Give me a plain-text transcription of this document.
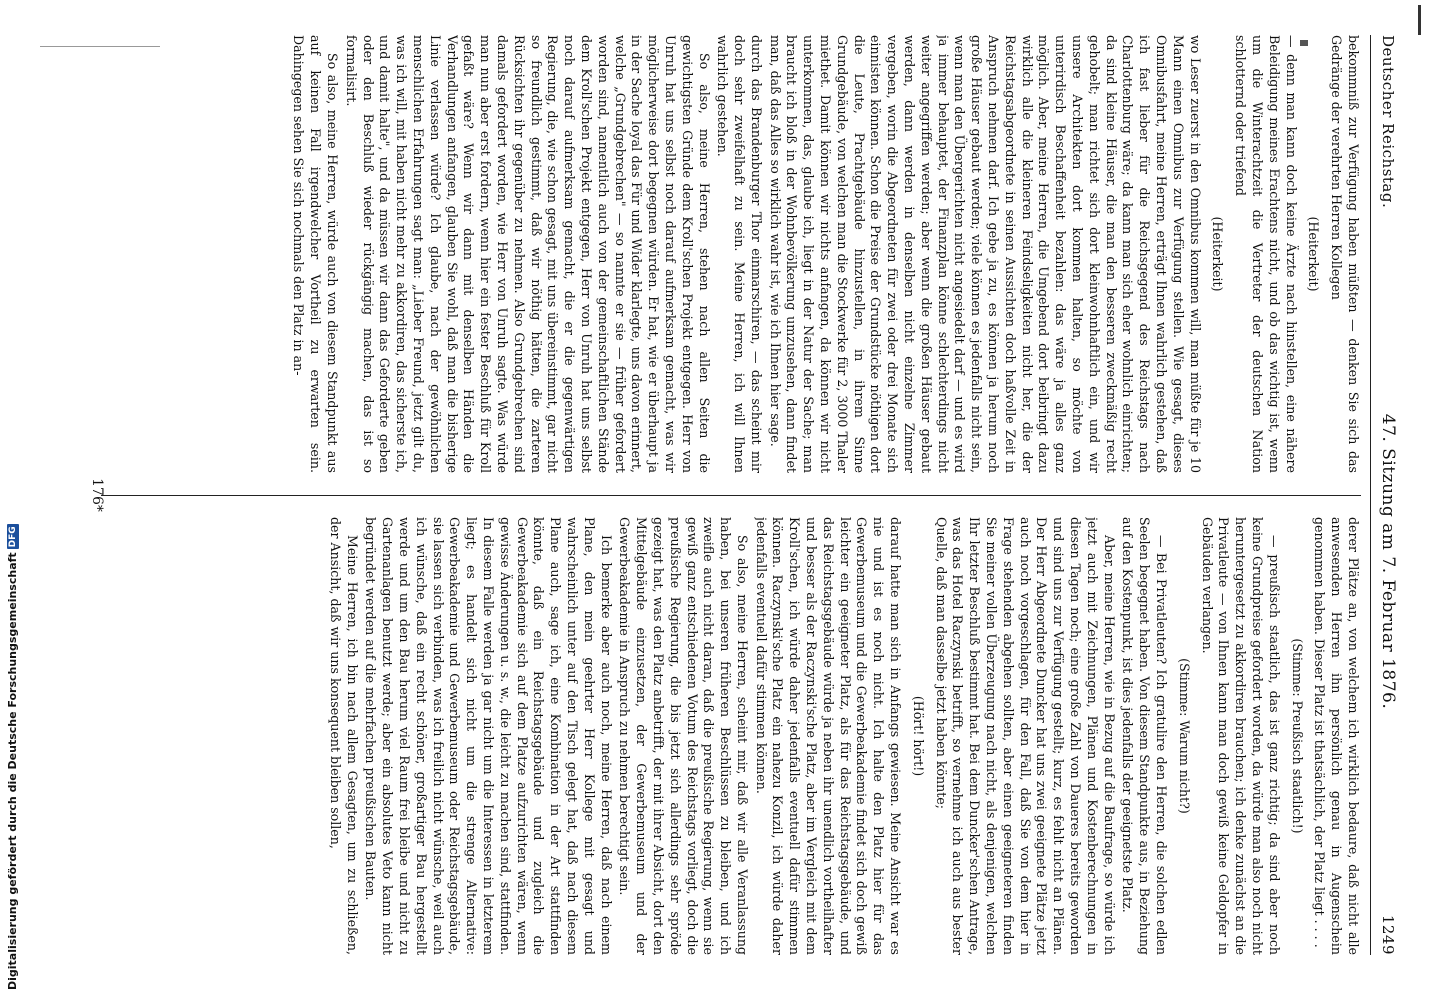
Deutscher Reichstag.
47. Sitzung am 7. Februar 1876.
1249

bekommniß zur Verfügung haben müßten — denken Sie sich das Gedränge der verehrten Herren Kollegen

(Heiterkeit)

— denn man kann doch keine Ärzte nach hinstellen, eine nähere Beleidigung meines Erachtens nicht, und ob das wichtig ist, wenn um die Winterachtzeit die Vertreter der deutschen Nation schlotternd oder triefend

(Heiterkeit)

wo Leser zuerst in den Omnibus kommen will, man müßte für je 10 Mann einen Omnibus zur Verfügung stellen. Wie gesagt, dieses Omnibusfahrt, meine Herren, erträgt Ihnen wahrlich gestehen, daß ich fast lieber für die Reichsgegend des Reichstags nach Charlottenburg wäre; da kann man sich eher wohnlich einrichten; da sind kleine Häuser, die man den besseren zweckmäßig recht gehobelt; man richtet sich dort kleinwohnhaftlich ein, und wir unsere Architekten dort kommen halten, so möchte von unterirdisch Beschaffenheit bezahlen: das wäre ja alles ganz möglich. Aber, meine Herren, die Umgebend dort beibringt dazu wirklich alle die kleineren Feindseligkeiten nicht her, die der Reichstagsabgeordnete in seinen Aussichten doch haßvolle Zeit in Anspruch nehmen darf. Ich gebe ja zu, es können ja herum noch große Häuser gebaut werden; viele können es jedenfalls nicht sein, wenn man den Übergerichten nicht angesiedelt darf — und es wird ja immer behauptet, der Finanzplan könne schlechterdings nicht weiter angegriffen werden; aber wenn die großen Häuser gebaut werden, dann werden in denselben nicht einzelne Zimmer vergeben, worin die Abgeordneten für zwei oder drei Monate sich einnisten können. Schon die Preise der Grundstücke nöthigen dort die Leute, Prachtgebäude hinzustellen, in ihrem Sinne Grundgebäude, von welchen man die Stockwerke für 2, 3000 Thaler miethet. Damit können wir nichts anfangen, da können wir nicht unterkommen, das, glaube ich, liegt in der Natur der Sache; man braucht ich bloß in der Wohnbevölkerung umzusehen, dann findet man, daß das Alles so wirklich wahr ist, wie ich Ihnen hier sage.

durch das Brandenburger Thor einmarschiren, — das scheint mir doch sehr zweifelhaft zu sein. Meine Herren, ich will Ihnen wahrlich gestehen.

So also, meine Herren, stehen nach allen Seiten die gewichtigsten Gründe dem Kroll'schen Projekt entgegen. Herr von Unruh hat uns selbst noch darauf aufmerksam gemacht, was wir möglicherweise dort begegnen würden. Er hat, wie er überhaupt ja in der Sache loyal das Für und Wider klarlegte, uns davon erinnert, welche „Grundgebrechen" — so nannte er sie — früher gefordert worden sind, namentlich auch von der gemeinschaftlichen Stände dem Kroll'schen Projekt entgegen, Herr von Unruh hat uns selbst noch darauf aufmerksam gemacht, die er die gegenwärtigen Regierung, die, wie schon gesagt, mit uns übereinstimmt, gar nicht so freundlich gestimmt, daß wir nöthig hätten, die zarteren Rücksichten ihr gegenüber zu nehmen. Also Grundgebrechen sind damals gefordert worden, wie Herr von Unruh sagte. Was würde man nun aber erst fordern, wenn hier ein fester Beschluß für Kroll gefaßt wäre? Wenn wir dann mit denselben Händen die Verhandlungen anfangen, glauben Sie wohl, daß man die bisherige Linie verlassen würde? Ich glaube, nach der gewöhnlichen menschlichen Erfahrungen sagt man: „Lieber Freund, jetzt gilt du, was ich will, mit haben nicht mehr zu akkordiren, das sicherste ich, und damit halte", und da müssen wir dann das Geforderte geben oder den Beschluß wieder rückgängig machen, das ist so formalisirt.

So also, meine Herren, würde auch von diesem Standpunkt aus auf keinen Fall irgendwelcher Vortheil zu erwarten sein. Dahingegen sehen Sie sich nochmals den Platz in an-

derer Plätze an, von welchem ich wirklich bedaure, daß nicht alle anwesenden Herren ihn persönlich genau in Augenschein genommen haben. Dieser Platz ist thatsächlich, der Platz liegt . . . .

(Stimme: Preußisch staatlich!)

— preußisch staatlich, das ist ganz richtig; da sind aber noch keine Grundpreise gefordert worden, da würde man also noch nicht heruntergesetzt zu akkordiren brauchen; ich denke zunächst an die Privatleute — von Ihnen kann man doch gewiß keine Geldopfer in Gebäuden verlangen.

(Stimme: Warum nicht?)

— Bei Privatleuten? Ich gratulire den Herren, die solchen edlen Seelen begegnet haben. Von diesem Standpunkte aus, in Beziehung auf den Kostenpunkt, ist dies jedenfalls der geeignetste Platz.

Aber, meine Herren, wie in Bezug auf die Baufrage, so würde ich jetzt auch mit Zeichnungen, Plänen und Kostenberechnungen in diesen Tagen noch; eine große Zahl von Daueres bereits geworden und sind uns zur Verfügung gestellt; kurz, es fehlt nicht an Plänen. Der Herr Abgeordnete Duncker hat uns zwei geeignete Plätze jetzt auch noch vorgeschlagen, für den Fall, daß Sie von dem hier in Frage stehenden abgehen sollten, aber einen geeigneteren finden Sie meiner vollen Überzeugung nach nicht, als denjenigen, welchen Ihr letzter Beschluß bestimmt hat. Bei dem Duncker'schen Antrage, was das Hotel Raczynski betrifft, so vernehme ich auch aus bester Quelle, daß man dasselbe jetzt haben könnte;

(Hört! hört!)

darauf hatte man sich in Anfangs gewiesen. Meine Ansicht war es nie und ist es noch nicht. Ich halte den Platz hier für das Gewerbemuseum und die Gewerbeakademie findet sich doch gewiß leichter ein geeigneter Platz, als für das Reichstagsgebäude, und das Reichstagsgebäude würde ja neben ihr unendlich vortheilhafter und besser als der Raczynski'sche Platz, aber im Vergleich mit dem Kroll'schen, ich würde daher jedenfalls eventuell dafür stimmen können. Raczynski'sche Platz ein nahezu Konzil, ich würde daher jedenfalls eventuell dafür stimmen können.

So also, meine Herren, scheint mir, daß wir alle Veranlassung haben, bei unseren früheren Beschlüssen zu bleiben, und ich zweifle auch nicht daran, daß die preußische Regierung, wenn sie gewiß ganz entschiedenen Votum des Reichstags vorliegt, doch die preußische Regierung, die bis jetzt sich allerdings sehr spröde gezeigt hat, was den Platz anbetrifft, der mit ihrer Absicht, dort den Mittelgebäude einzusetzen, der Gewerbemuseum und der Gewerbeakademie in Anspruch zu nehmen berechtigt sein.

Ich bemerke aber auch noch, meine Herren, daß nach einem Plane, den mein geehrter Herr Kollege mit gesagt und wahrscheinlich unter auf den Tisch gelegt hat, daß nach diesem Plane auch, sage ich, eine Kombination in der Art stattfinden könnte, daß ein Reichstagsgebäude und zugleich die Gewerbeakademie sich auf dem Platze aufzurichten wären, wenn gewisse Änderungen u. s. w., die leicht zu machen sind, stattfinden. In diesem Falle werden ja gar nicht um die Interessen in letzterem liegt; es handelt sich nicht um die strenge Alternative: Gewerbeakademie und Gewerbemuseum oder Reichstagsgebäude, sie lassen sich verbinden, was ich freilich nicht wünsche, weil auch ich wünsche, daß ein recht schöner, großartiger Bau hergestellt werde und um den Bau herum viel Raum frei bleibe und nicht zu Gartenanlagen benutzt werde; aber ein absolutes Veto kann nicht begründet werden auf die mehrfachen preußischen Bauten.

Meine Herren, ich bin nach allem Gesagten, um zu schließen, der Ansicht, daß wir uns konsequent bleiben sollen,

176*
Digitalisierung gefördert durch die Deutsche Forschungsgemeinschaft
DFG
